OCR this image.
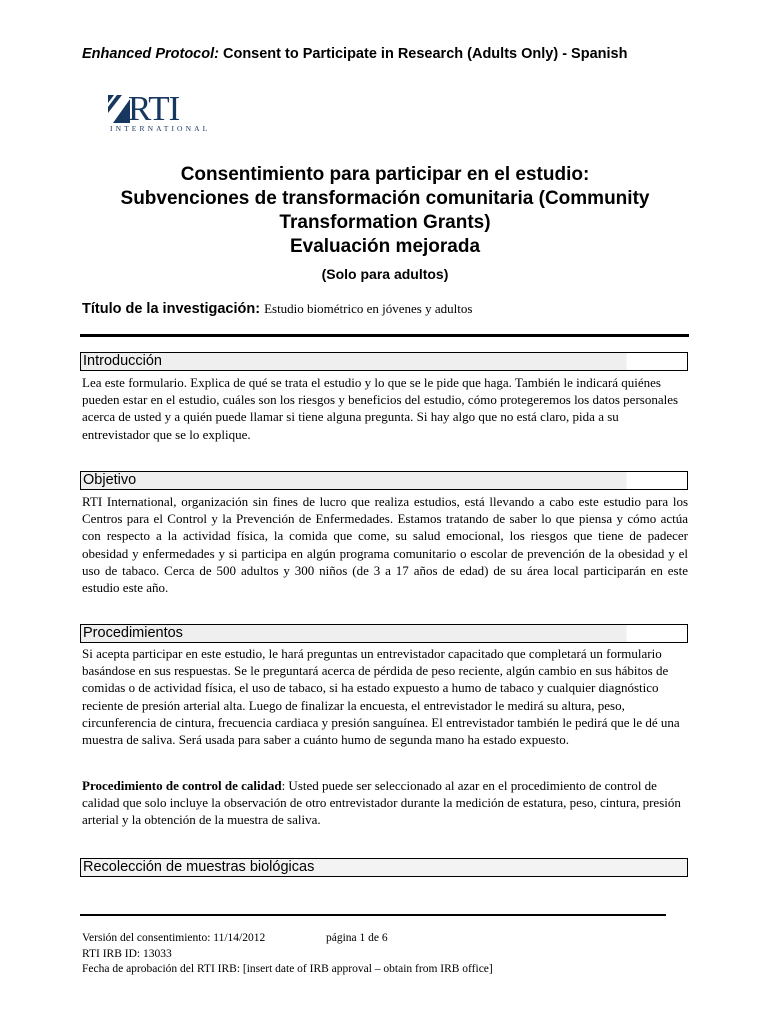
Enhanced Protocol: Consent to Participate in Research (Adults Only) - Spanish
RTI
INTERNATIONAL
Consentimiento para participar en el estudio:
Subvenciones de transformación comunitaria (Community
Transformation Grants)
Evaluación mejorada
(Solo para adultos)
Título de la investigación: Estudio biométrico en jóvenes y adultos
Introducción

Lea este formulario. Explica de qué se trata el estudio y lo que se le pide que haga. También le indicará quiénes pueden estar en el estudio, cuáles son los riesgos y beneficios del estudio, cómo protegeremos los datos personales acerca de usted y a quién puede llamar si tiene alguna pregunta. Si hay algo que no está claro, pida a su entrevistador que se lo explique.

Objetivo

RTI International, organización sin fines de lucro que realiza estudios, está llevando a cabo este estudio para los Centros para el Control y la Prevención de Enfermedades. Estamos tratando de saber lo que piensa y cómo actúa con respecto a la actividad física, la comida que come, su salud emocional, los riesgos que tiene de padecer obesidad y enfermedades y si participa en algún programa comunitario o escolar de prevención de la obesidad y el uso de tabaco. Cerca de 500 adultos y 300 niños (de 3 a 17 años de edad) de su área local participarán en este estudio este año.

Procedimientos

Si acepta participar en este estudio, le hará preguntas un entrevistador capacitado que completará un formulario basándose en sus respuestas. Se le preguntará acerca de pérdida de peso reciente, algún cambio en sus hábitos de comidas o de actividad física, el uso de tabaco, si ha estado expuesto a humo de tabaco y cualquier diagnóstico reciente de presión arterial alta. Luego de finalizar la encuesta, el entrevistador le medirá su altura, peso, circunferencia de cintura, frecuencia cardiaca y presión sanguínea. El entrevistador también le pedirá que le dé una muestra de saliva. Será usada para saber a cuánto humo de segunda mano ha estado expuesto.

Procedimiento de control de calidad: Usted puede ser seleccionado al azar en el procedimiento de control de calidad que solo incluye la observación de otro entrevistador durante la medición de estatura, peso, cintura, presión arterial y la obtención de la muestra de saliva.

Recolección de muestras biológicas
Versión del consentimiento: 11/14/2012	página 1 de 6
RTI IRB ID: 13033
Fecha de aprobación del RTI IRB: [insert date of IRB approval – obtain from IRB office]
